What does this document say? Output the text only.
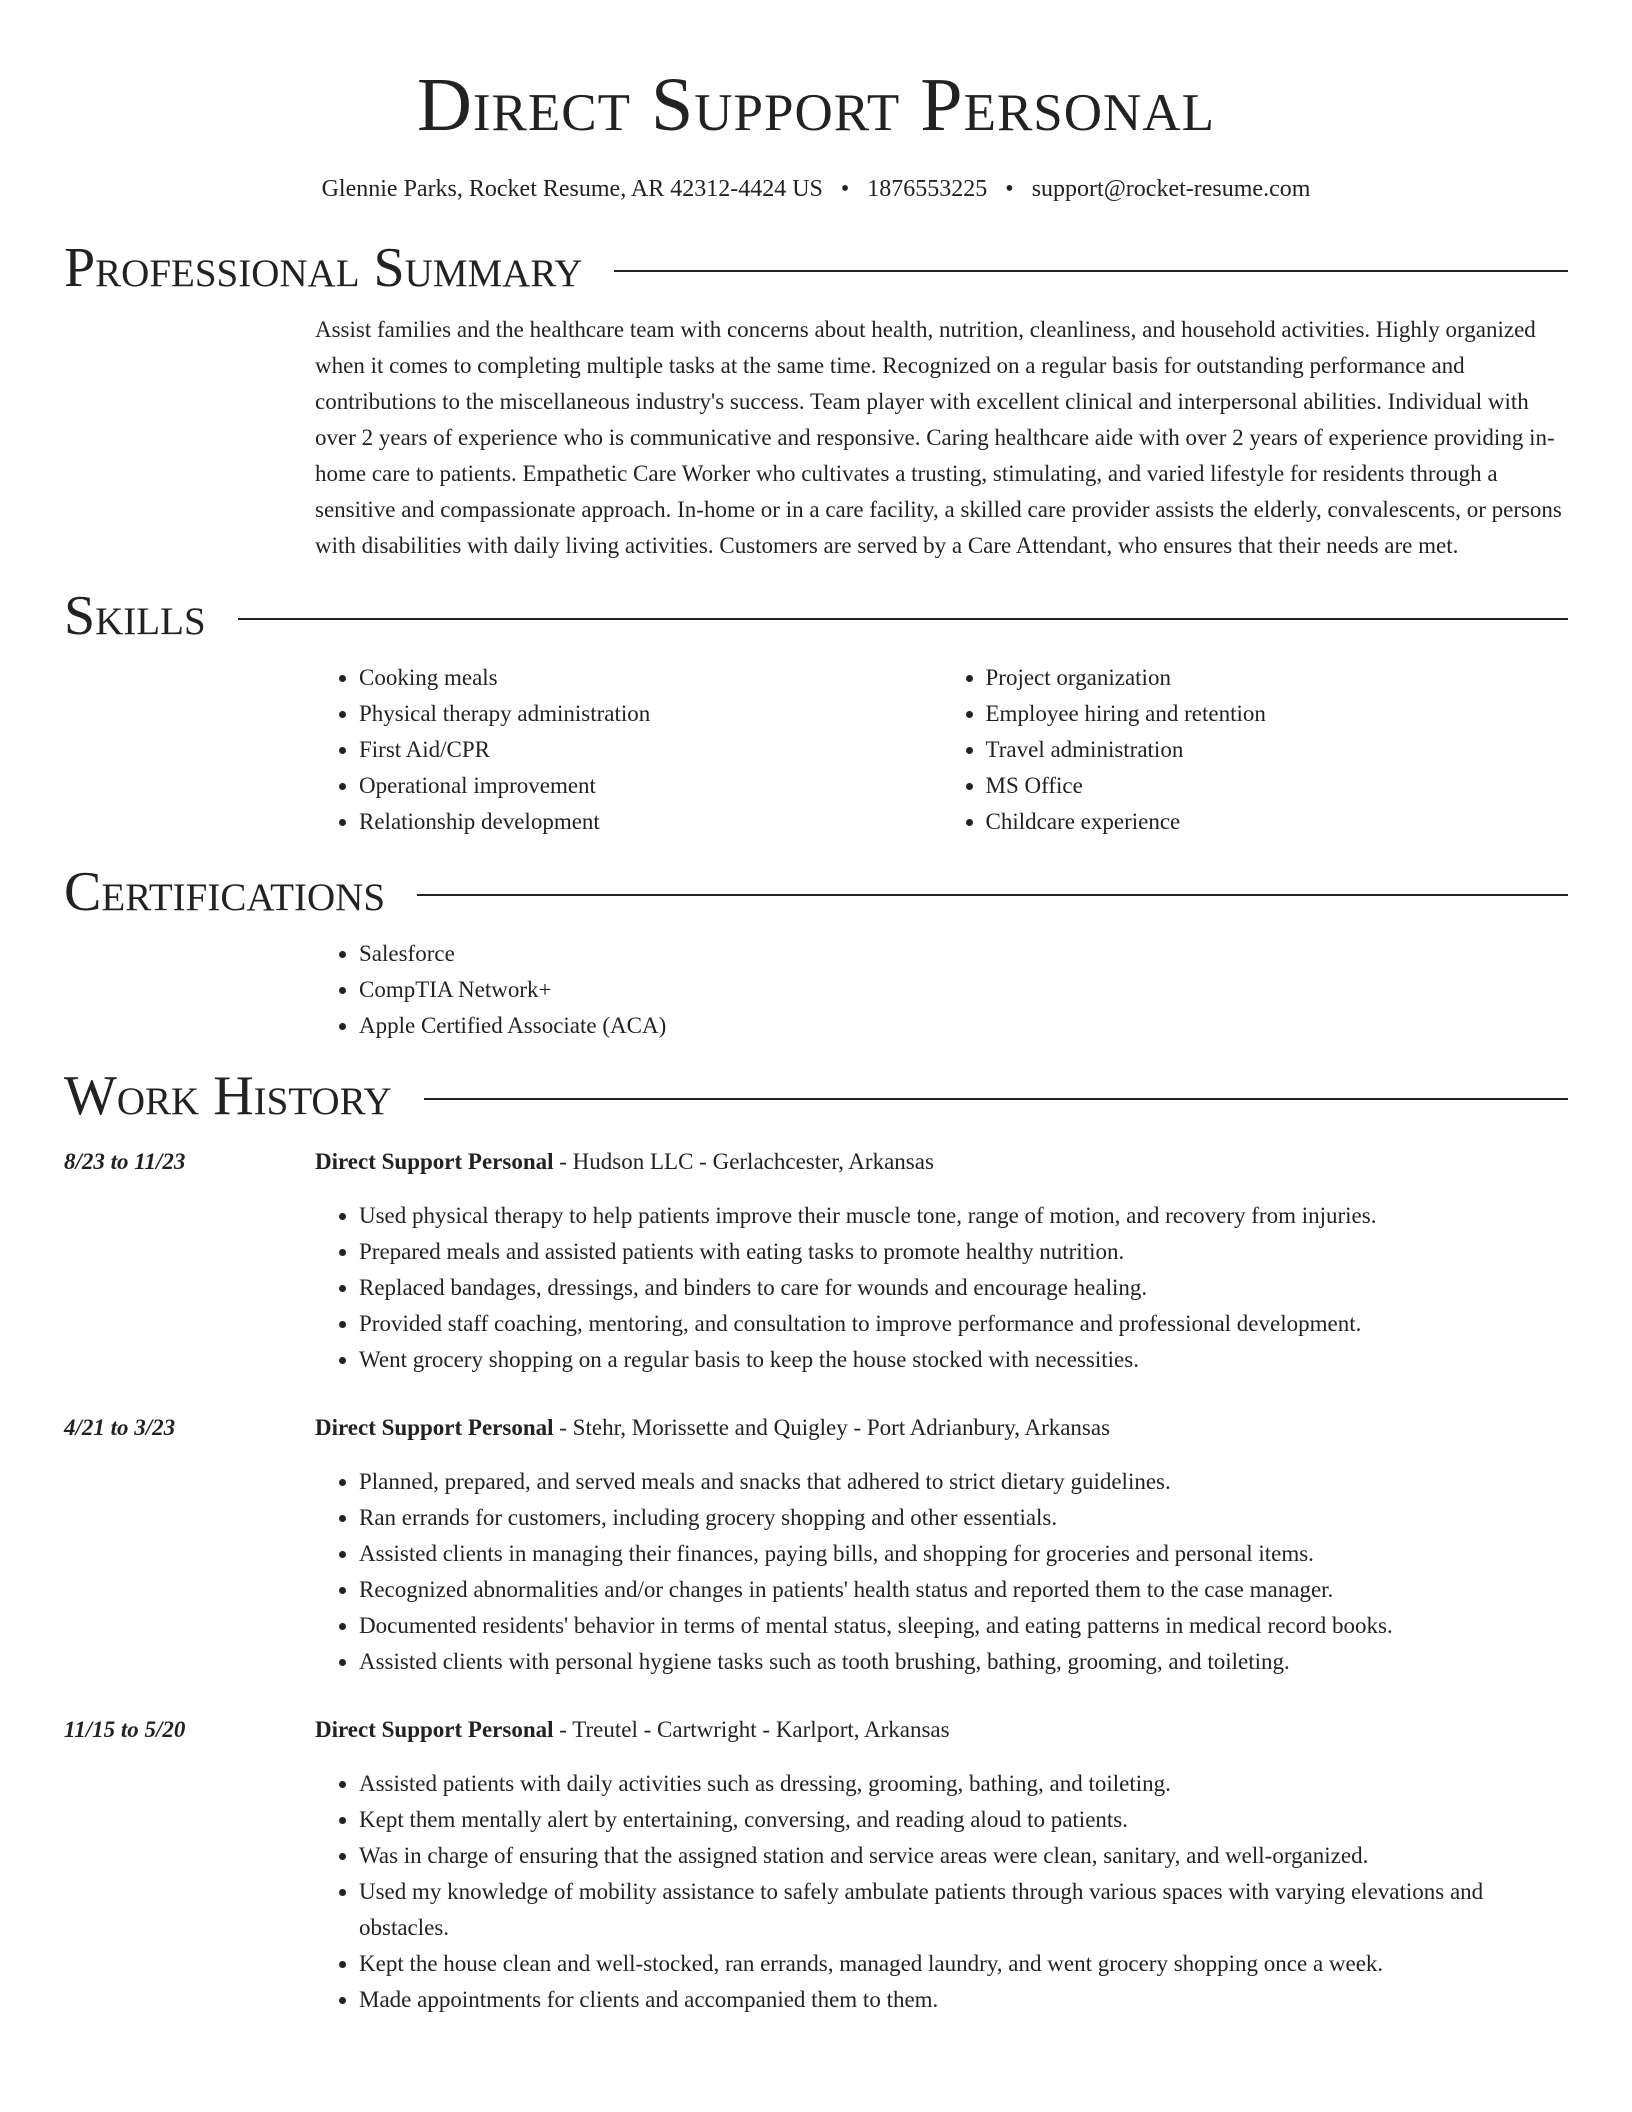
Direct Support Personal
Glennie Parks, Rocket Resume, AR 42312-4424 US • 1876553225 • support@rocket-resume.com
Professional Summary
Assist families and the healthcare team with concerns about health, nutrition, cleanliness, and household activities. Highly organized when it comes to completing multiple tasks at the same time. Recognized on a regular basis for outstanding performance and contributions to the miscellaneous industry's success. Team player with excellent clinical and interpersonal abilities. Individual with over 2 years of experience who is communicative and responsive. Caring healthcare aide with over 2 years of experience providing in-home care to patients. Empathetic Care Worker who cultivates a trusting, stimulating, and varied lifestyle for residents through a sensitive and compassionate approach. In-home or in a care facility, a skilled care provider assists the elderly, convalescents, or persons with disabilities with daily living activities. Customers are served by a Care Attendant, who ensures that their needs are met.
Skills
• Cooking meals
• Physical therapy administration
• First Aid/CPR
• Operational improvement
• Relationship development
• Project organization
• Employee hiring and retention
• Travel administration
• MS Office
• Childcare experience
Certifications
• Salesforce
• CompTIA Network+
• Apple Certified Associate (ACA)
Work History
8/23 to 11/23	Direct Support Personal - Hudson LLC - Gerlachcester, Arkansas
• Used physical therapy to help patients improve their muscle tone, range of motion, and recovery from injuries.
• Prepared meals and assisted patients with eating tasks to promote healthy nutrition.
• Replaced bandages, dressings, and binders to care for wounds and encourage healing.
• Provided staff coaching, mentoring, and consultation to improve performance and professional development.
• Went grocery shopping on a regular basis to keep the house stocked with necessities.
4/21 to 3/23	Direct Support Personal - Stehr, Morissette and Quigley - Port Adrianbury, Arkansas
• Planned, prepared, and served meals and snacks that adhered to strict dietary guidelines.
• Ran errands for customers, including grocery shopping and other essentials.
• Assisted clients in managing their finances, paying bills, and shopping for groceries and personal items.
• Recognized abnormalities and/or changes in patients' health status and reported them to the case manager.
• Documented residents' behavior in terms of mental status, sleeping, and eating patterns in medical record books.
• Assisted clients with personal hygiene tasks such as tooth brushing, bathing, grooming, and toileting.
11/15 to 5/20	Direct Support Personal - Treutel - Cartwright - Karlport, Arkansas
• Assisted patients with daily activities such as dressing, grooming, bathing, and toileting.
• Kept them mentally alert by entertaining, conversing, and reading aloud to patients.
• Was in charge of ensuring that the assigned station and service areas were clean, sanitary, and well-organized.
• Used my knowledge of mobility assistance to safely ambulate patients through various spaces with varying elevations and obstacles.
• Kept the house clean and well-stocked, ran errands, managed laundry, and went grocery shopping once a week.
• Made appointments for clients and accompanied them to them.
